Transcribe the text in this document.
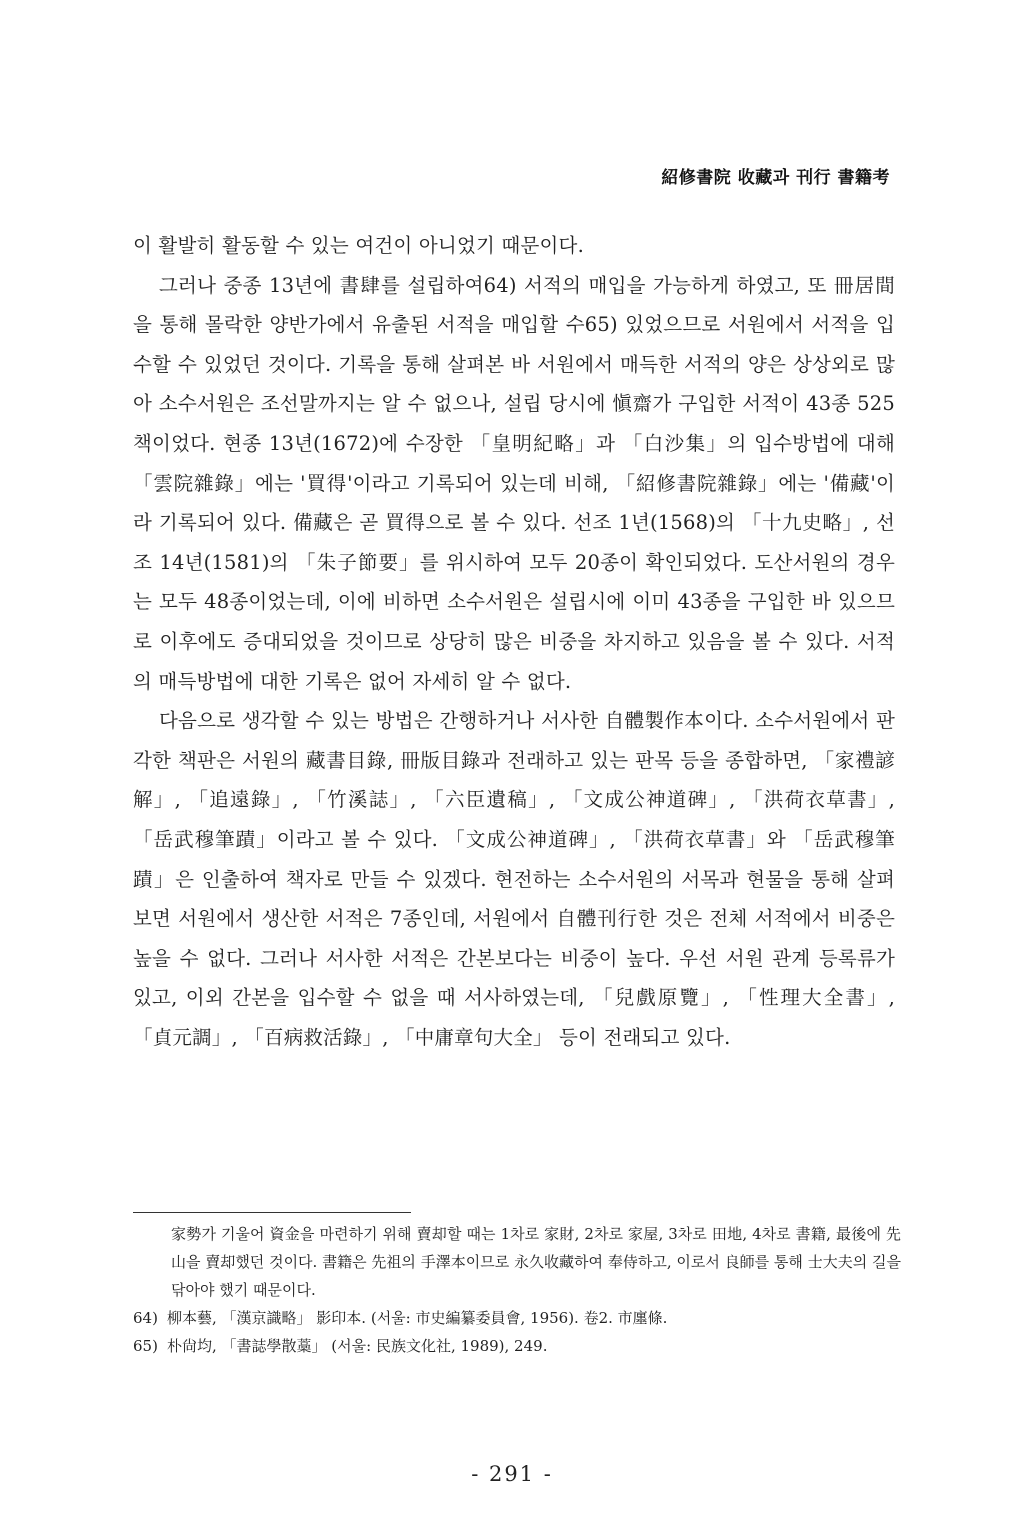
紹修書院 收藏과 刊行 書籍考

이 활발히 활동할 수 있는 여건이 아니었기 때문이다.

그러나 중종 13년에 書肆를 설립하여64) 서적의 매입을 가능하게 하였고, 또 冊居間을 통해 몰락한 양반가에서 유출된 서적을 매입할 수65) 있었으므로 서원에서 서적을 입수할 수 있었던 것이다. 기록을 통해 살펴본 바 서원에서 매득한 서적의 양은 상상외로 많아 소수서원은 조선말까지는 알 수 없으나, 설립 당시에 愼齋가 구입한 서적이 43종 525책이었다. 현종 13년(1672)에 수장한 「皇明紀略」과 「白沙集」의 입수방법에 대해 「雲院雜錄」에는 '買得'이라고 기록되어 있는데 비해, 「紹修書院雜錄」에는 '備藏'이라 기록되어 있다. 備藏은 곧 買得으로 볼 수 있다. 선조 1년(1568)의 「十九史略」, 선조 14년(1581)의 「朱子節要」를 위시하여 모두 20종이 확인되었다. 도산서원의 경우는 모두 48종이었는데, 이에 비하면 소수서원은 설립시에 이미 43종을 구입한 바 있으므로 이후에도 증대되었을 것이므로 상당히 많은 비중을 차지하고 있음을 볼 수 있다. 서적의 매득방법에 대한 기록은 없어 자세히 알 수 없다.

다음으로 생각할 수 있는 방법은 간행하거나 서사한 自體製作本이다. 소수서원에서 판각한 책판은 서원의 藏書目錄, 冊版目錄과 전래하고 있는 판목 등을 종합하면, 「家禮諺解」, 「追遠錄」, 「竹溪誌」, 「六臣遺稿」, 「文成公神道碑」, 「洪荷衣草書」, 「岳武穆筆蹟」이라고 볼 수 있다. 「文成公神道碑」, 「洪荷衣草書」와 「岳武穆筆蹟」은 인출하여 책자로 만들 수 있겠다. 현전하는 소수서원의 서목과 현물을 통해 살펴보면 서원에서 생산한 서적은 7종인데, 서원에서 自體刊行한 것은 전체 서적에서 비중은 높을 수 없다. 그러나 서사한 서적은 간본보다는 비중이 높다. 우선 서원 관계 등록류가 있고, 이외 간본을 입수할 수 없을 때 서사하였는데, 「兒戲原覽」, 「性理大全書」, 「貞元調」, 「百病救活錄」, 「中庸章句大全」 등이 전래되고 있다.

家勢가 기울어 資金을 마련하기 위해 賣却할 때는 1차로 家財, 2차로 家屋, 3차로 田地, 4차로 書籍, 最後에 先山을 賣却했던 것이다. 書籍은 先祖의 手澤本이므로 永久收藏하여 奉侍하고, 이로서 良師를 통해 士大夫의 길을 닦아야 했기 때문이다.

64) 柳本藝, 「漢京識略」 影印本. (서울: 市史編纂委員會, 1956). 卷2. 市廛條.

65) 朴尙均, 「書誌學散藁」 (서울: 民族文化社, 1989), 249.

- 291 -
